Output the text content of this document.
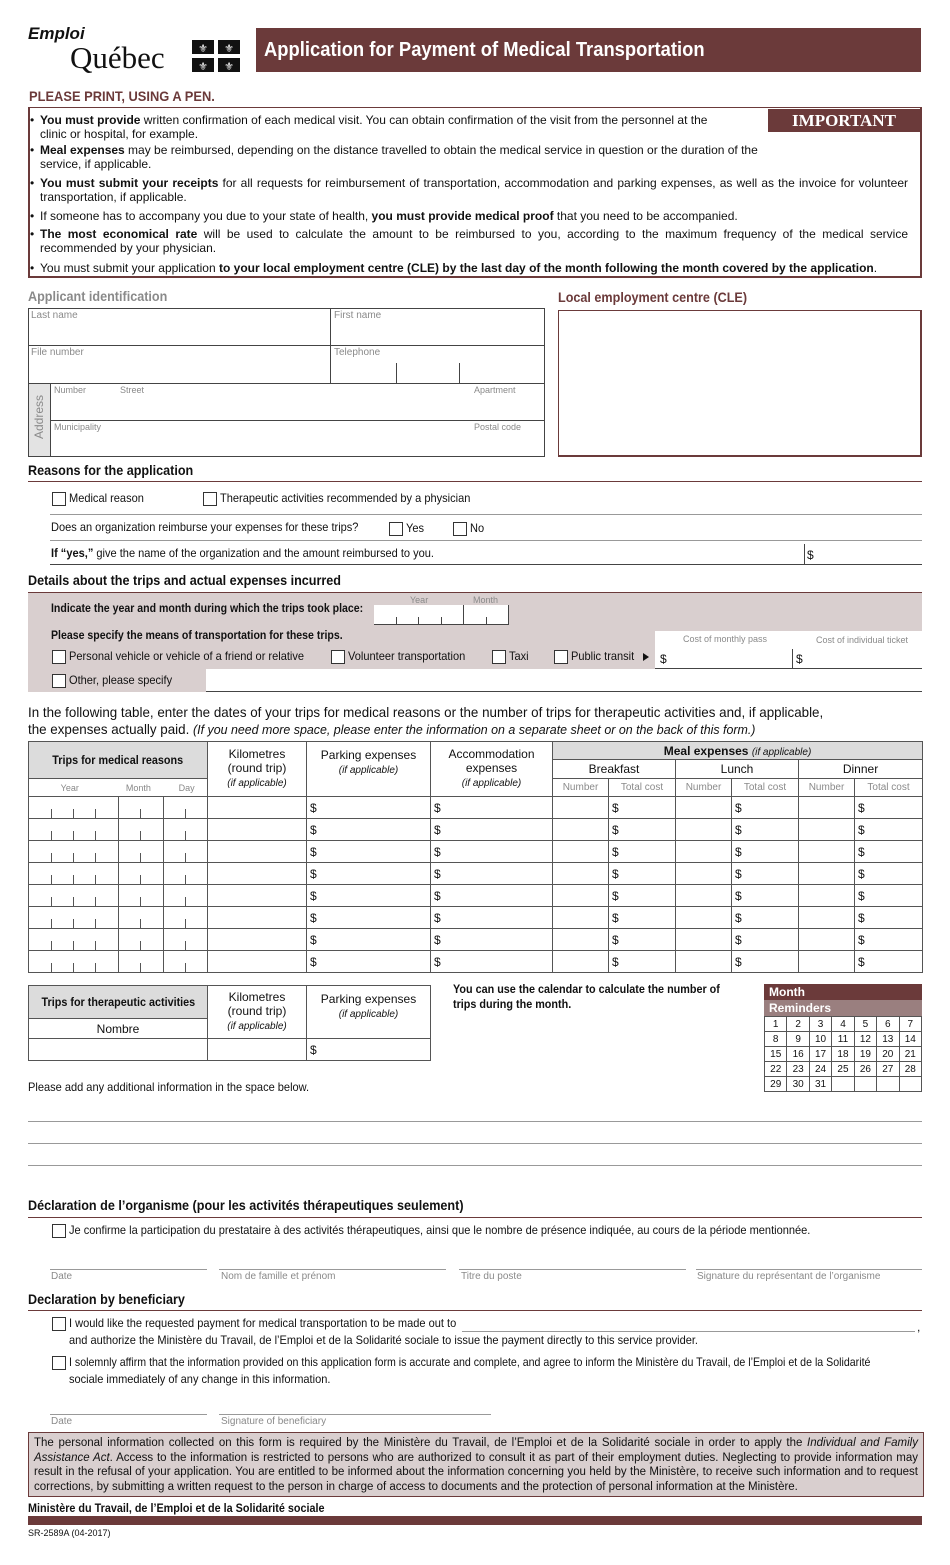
Emploi
Québec	⚜ ⚜
⚜ ⚜
Application for Payment of Medical Transportation
PLEASE PRINT, USING A PEN.
IMPORTANT
• You must provide written confirmation of each medical visit. You can obtain confirmation of the visit from the personnel at the clinic or hospital, for example.
• Meal expenses may be reimbursed, depending on the distance travelled to obtain the medical service in question or the duration of the service, if applicable.
• You must submit your receipts for all requests for reimbursement of transportation, accommodation and parking expenses, as well as the invoice for volunteer transportation, if applicable.
• If someone has to accompany you due to your state of health, you must provide medical proof that you need to be accompanied.
• The most economical rate will be used to calculate the amount to be reimbursed to you, according to the maximum frequency of the medical service recommended by your physician.
• You must submit your application to your local employment centre (CLE) by the last day of the month following the month covered by the application.
Applicant identification
Last name	First name
File number	Telephone
Address
Number	Street	Apartment
Municipality	Postal code
Local employment centre (CLE)
Reasons for the application
Medical reason	Therapeutic activities recommended by a physician
Does an organization reimburse your expenses for these trips?	Yes	No
If “yes,” give the name of the organization and the amount reimbursed to you.	$
Details about the trips and actual expenses incurred
Indicate the year and month during which the trips took place:
Year	Month
Please specify the means of transportation for these trips.	Cost of monthly pass	Cost of individual ticket
Personal vehicle or vehicle of a friend or relative	Volunteer transportation	Taxi	Public transit	$	$
Other, please specify
In the following table, enter the dates of your trips for medical reasons or the number of trips for therapeutic activities and, if applicable,
the expenses actually paid. (If you need more space, please enter the information on a separate sheet or on the back of this form.)
Trips for medical reasons	Kilometres
(round trip)
(if applicable)	Parking expenses
(if applicable)	Accommodation
expenses
(if applicable)	Meal expenses (if applicable)					
				Breakfast		Lunch		Dinner	

Year Month Day				Number	Total cost	Number	Total cost	Number	Total cost

		$	$		$		$		$

		$	$		$		$		$

		$	$		$		$		$

		$	$		$		$		$

		$	$		$		$		$

		$	$		$		$		$

		$	$		$		$		$

		$	$		$		$		$
Trips for therapeutic activities	Kilometres
(round trip)
(if applicable)	Parking expenses
(if applicable)
Nombre		
		$
You can use the calendar to calculate the number of trips during the month.
Month
Reminders
1	2	3	4	5	6	7
8	9	10	11	12	13	14
15	16	17	18	19	20	21
22	23	24	25	26	27	28
29	30	31				
Please add any additional information in the space below.
Déclaration de l’organisme (pour les activités thérapeutiques seulement)
Je confirme la participation du prestataire à des activités thérapeutiques, ainsi que le nombre de présence indiquée, au cours de la période mentionnée.
Date	Nom de famille et prénom	Titre du poste	Signature du représentant de l’organisme
Declaration by beneficiary
I would like the requested payment for medical transportation to be made out to	,
and authorize the Ministère du Travail, de l’Emploi et de la Solidarité sociale to issue the payment directly to this service provider.
I solemnly affirm that the information provided on this application form is accurate and complete, and agree to inform the Ministère du Travail, de l’Emploi et de la Solidarité
sociale immediately of any change in this information.
Date	Signature of beneficiary
The personal information collected on this form is required by the Ministère du Travail, de l’Emploi et de la Solidarité sociale in order to apply the Individual and Family Assistance Act. Access to the information is restricted to persons who are authorized to consult it as part of their employment duties. Neglecting to provide information may result in the refusal of your application. You are entitled to be informed about the information concerning you held by the Ministère, to receive such information and to request corrections, by submitting a written request to the person in charge of access to documents and the protection of personal information at the Ministère.
Ministère du Travail, de l’Emploi et de la Solidarité sociale
SR-2589A (04-2017)
